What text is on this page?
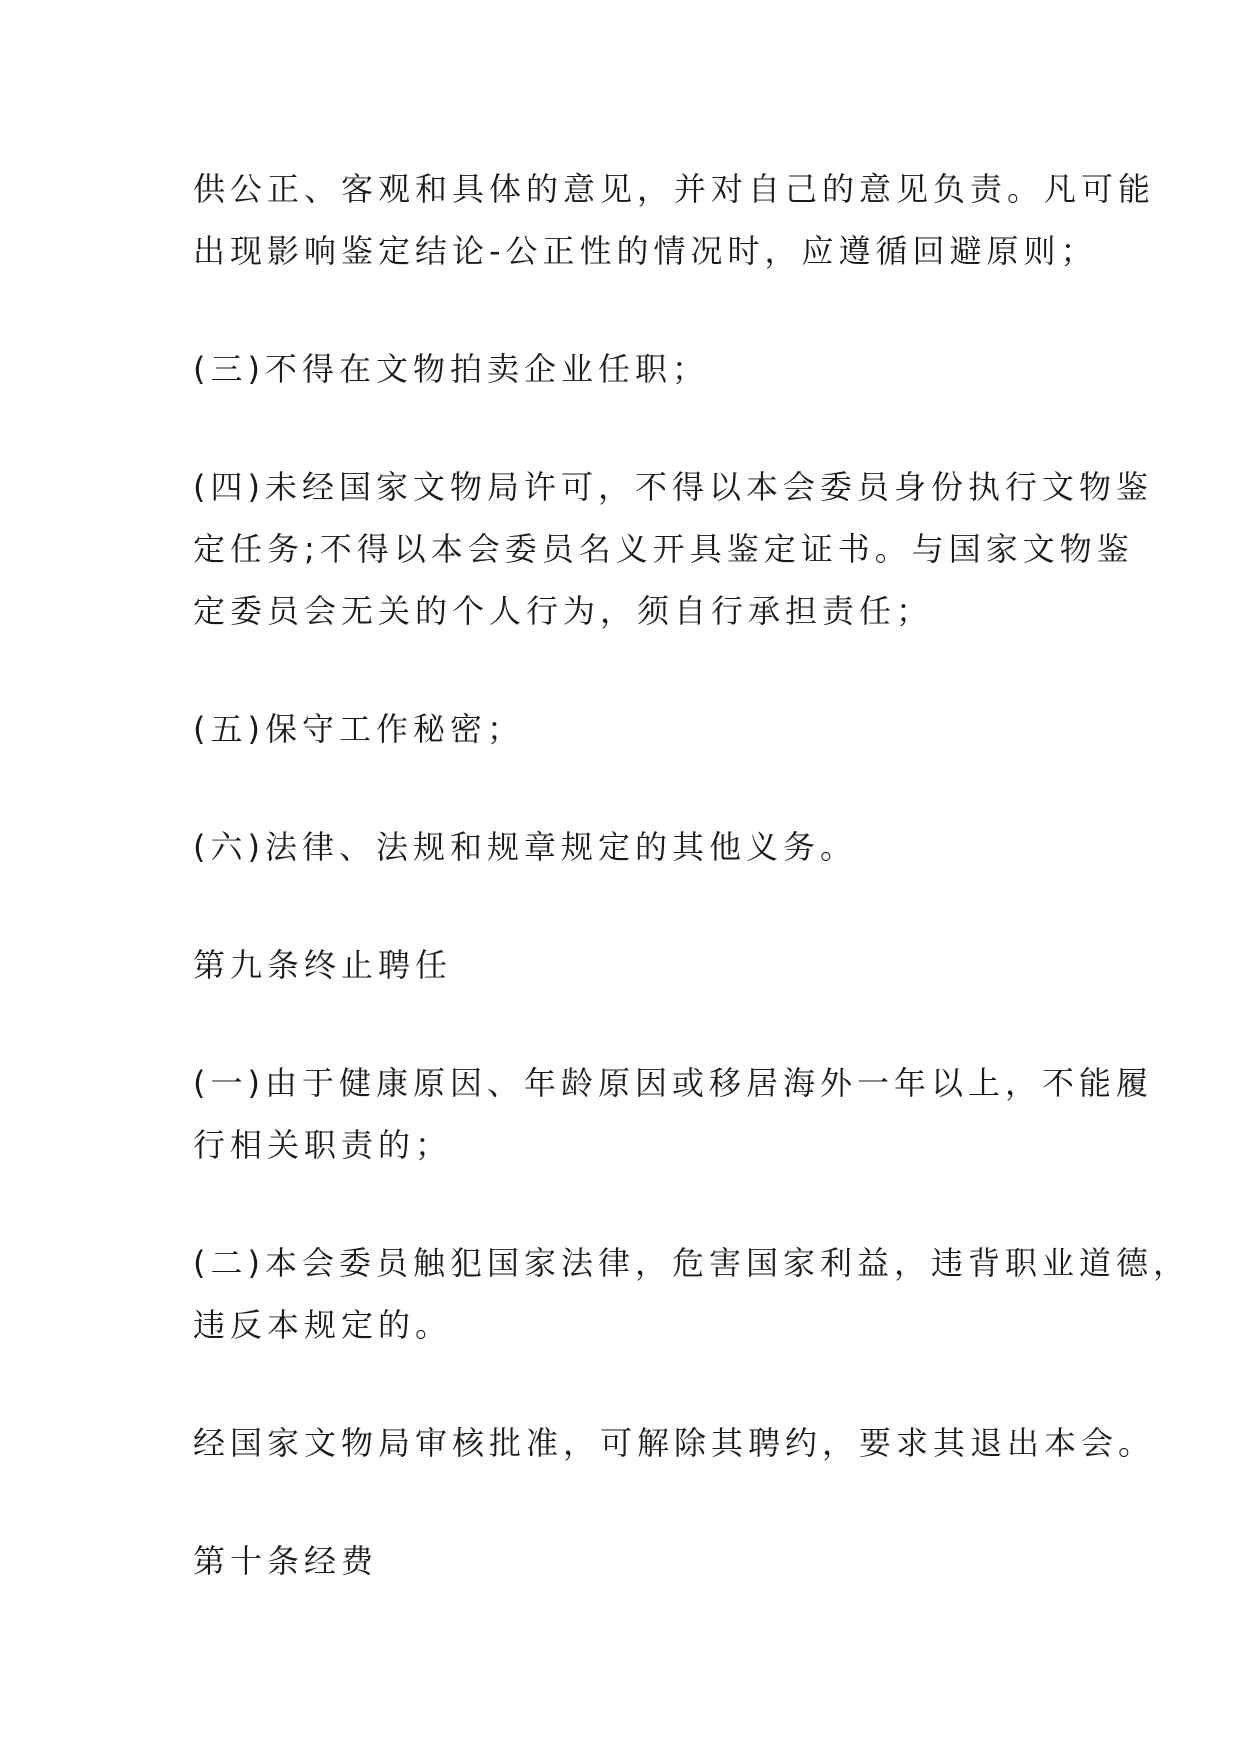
供公正、客观和具体的意见，并对自己的意见负责。凡可能
出现影响鉴定结论-公正性的情况时，应遵循回避原则；

(三)不得在文物拍卖企业任职；

(四)未经国家文物局许可，不得以本会委员身份执行文物鉴
定任务;不得以本会委员名义开具鉴定证书。与国家文物鉴
定委员会无关的个人行为，须自行承担责任；

(五)保守工作秘密；

(六)法律、法规和规章规定的其他义务。

第九条终止聘任

(一)由于健康原因、年龄原因或移居海外一年以上，不能履
行相关职责的；

(二)本会委员触犯国家法律，危害国家利益，违背职业道德，
违反本规定的。

经国家文物局审核批准，可解除其聘约，要求其退出本会。

第十条经费
